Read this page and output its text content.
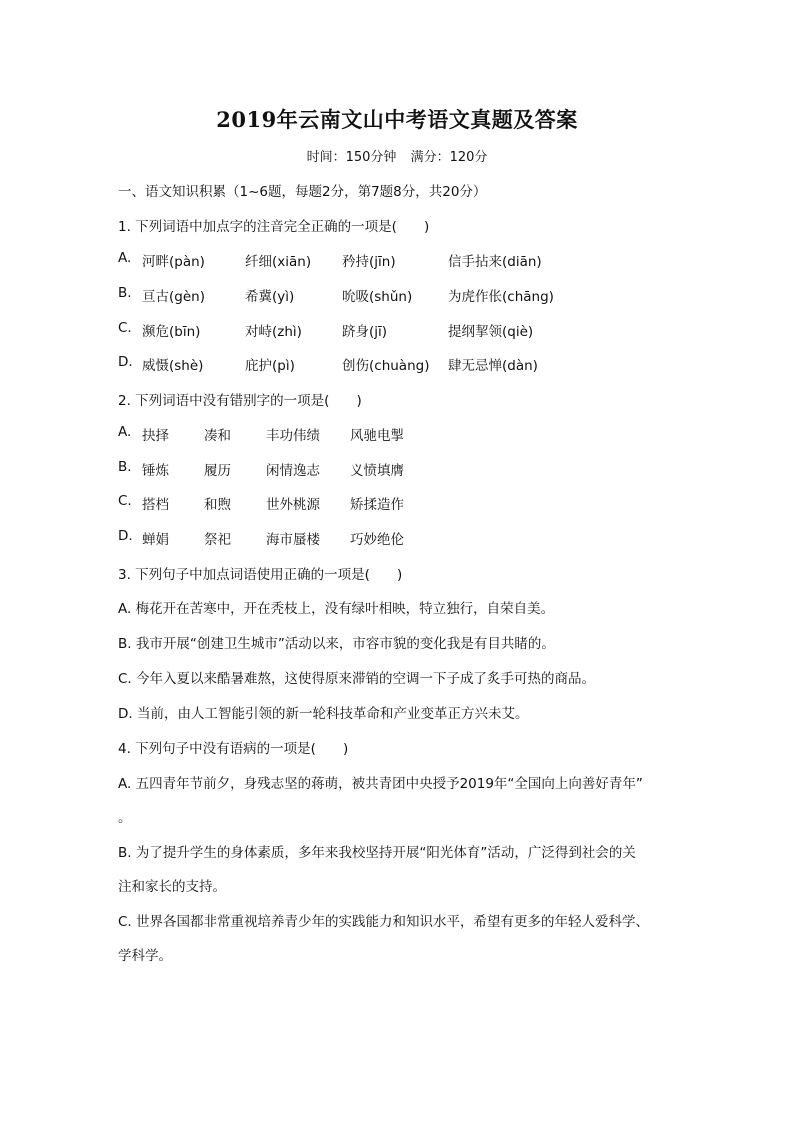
2019年云南文山中考语文真题及答案
时间：150分钟 满分：120分
一、语文知识积累（1~6题，每题2分，第7题8分，共20分）
1. 下列词语中加点字的注音完全正确的一项是(　　)
A. 河畔(pàn)	纤细(xiān) 矜持(jīn)	信手拈来(diān)
B. 亘古(gèn)	希冀(yì)	吮吸(shǔn)	为虎作伥(chāng)
C. 濒危(bīn)	对峙(zhì)	跻身(jī)	提纲挈领(qiè)
D. 威慑(shè)	庇护(pì)	创伤(chuàng) 肆无忌惮(dàn)
2. 下列词语中没有错别字的一项是(　　)
A. 抉择	凑和	丰功伟绩 风驰电掣
B. 锤炼	履历	闲情逸志 义愤填膺
C. 搭档	和煦	世外桃源 矫揉造作
D. 蝉娟	祭祀	海市蜃楼 巧妙绝伦
3. 下列句子中加点词语使用正确的一项是(　　)
A. 梅花开在苦寒中，开在秃枝上，没有绿叶相映，特立独行，自荣自美。
B. 我市开展“创建卫生城市”活动以来，市容市貌的变化我是有目共睹的。
C. 今年入夏以来酷暑难熬，这使得原来滞销的空调一下子成了炙手可热的商品。
D. 当前，由人工智能引领的新一轮科技革命和产业变革正方兴未艾。
4. 下列句子中没有语病的一项是(　　)
A. 五四青年节前夕，身残志坚的蒋萌，被共青团中央授予2019年“全国向上向善好青年”
。
B. 为了提升学生的身体素质，多年来我校坚持开展“阳光体育”活动，广泛得到社会的关
注和家长的支持。
C. 世界各国都非常重视培养青少年的实践能力和知识水平，希望有更多的年轻人爱科学、
学科学。
